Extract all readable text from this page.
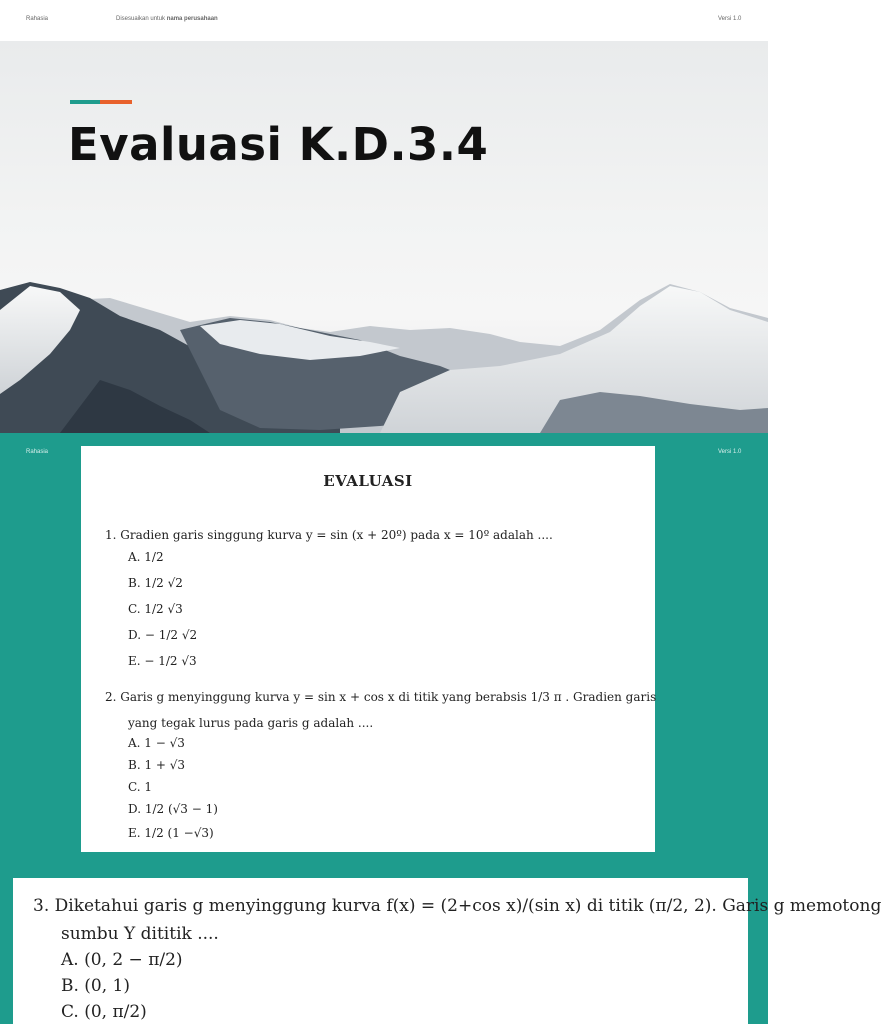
Rahasia	Disesuaikan untuk nama perusahaan	Versi 1.0
Evaluasi K.D.3.4
Rahasia	Versi 1.0
EVALUASI
1. Gradien garis singgung kurva y = sin (x + 20º) pada x = 10º adalah ....
A. 1/2
B. 1/2 √2
C. 1/2 √3
D. − 1/2 √2
E. − 1/2 √3
2. Garis g menyinggung kurva y = sin x + cos x di titik yang berabsis 1/3 π . Gradien garis
yang tegak lurus pada garis g adalah ....
A. 1 − √3
B. 1 + √3
C. 1
D. 1/2 (√3 − 1)
E. 1/2 (1 −√3)
3. Diketahui garis g menyinggung kurva f(x) = (2+cos x)/(sin x) di titik (π/2, 2). Garis g memotong
sumbu Y dititik ....
A. (0, 2 − π/2)
B. (0, 1)
C. (0, π/2)
